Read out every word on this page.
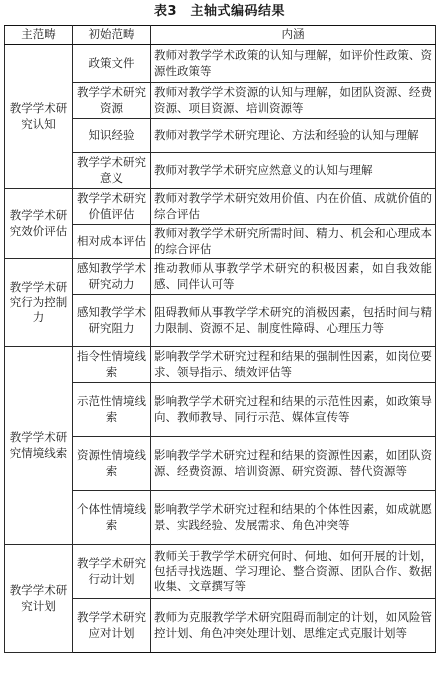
表3　主轴式编码结果
主范畴	初始范畴	内涵
教学学术研究认知	政策文件	教师对教学学术政策的认知与理解，如评价性政策、资源性政策等
	教学学术研究资源	教师对教学学术资源的认知与理解，如团队资源、经费资源、项目资源、培训资源等
	知识经验	教师对教学学术研究理论、方法和经验的认知与理解
	教学学术研究意义	教师对教学学术研究应然意义的认知与理解
教学学术研究效价评估	教学学术研究价值评估	教师对教学学术研究效用价值、内在价值、成就价值的综合评估
	相对成本评估	教师对教学学术研究所需时间、精力、机会和心理成本的综合评估
教学学术研究行为控制力	感知教学学术研究动力	推动教师从事教学学术研究的积极因素，如自我效能感、同伴认可等
	感知教学学术研究阻力	阻碍教师从事教学学术研究的消极因素，包括时间与精力限制、资源不足、制度性障碍、心理压力等
教学学术研究情境线索	指令性情境线索	影响教学学术研究过程和结果的强制性因素，如岗位要求、领导指示、绩效评估等
	示范性情境线索	影响教学学术研究过程和结果的示范性因素，如政策导向、教师教导、同行示范、媒体宣传等
	资源性情境线索	影响教学学术研究过程和结果的资源性因素，如团队资源、经费资源、培训资源、研究资源、替代资源等
	个体性情境线索	影响教学学术研究过程和结果的个体性因素，如成就愿景、实践经验、发展需求、角色冲突等
教学学术研究计划	教学学术研究行动计划	教师关于教学学术研究何时、何地、如何开展的计划，包括寻找选题、学习理论、整合资源、团队合作、数据收集、文章撰写等
	教学学术研究应对计划	教师为克服教学学术研究阻碍而制定的计划，如风险管控计划、角色冲突处理计划、思维定式克服计划等
